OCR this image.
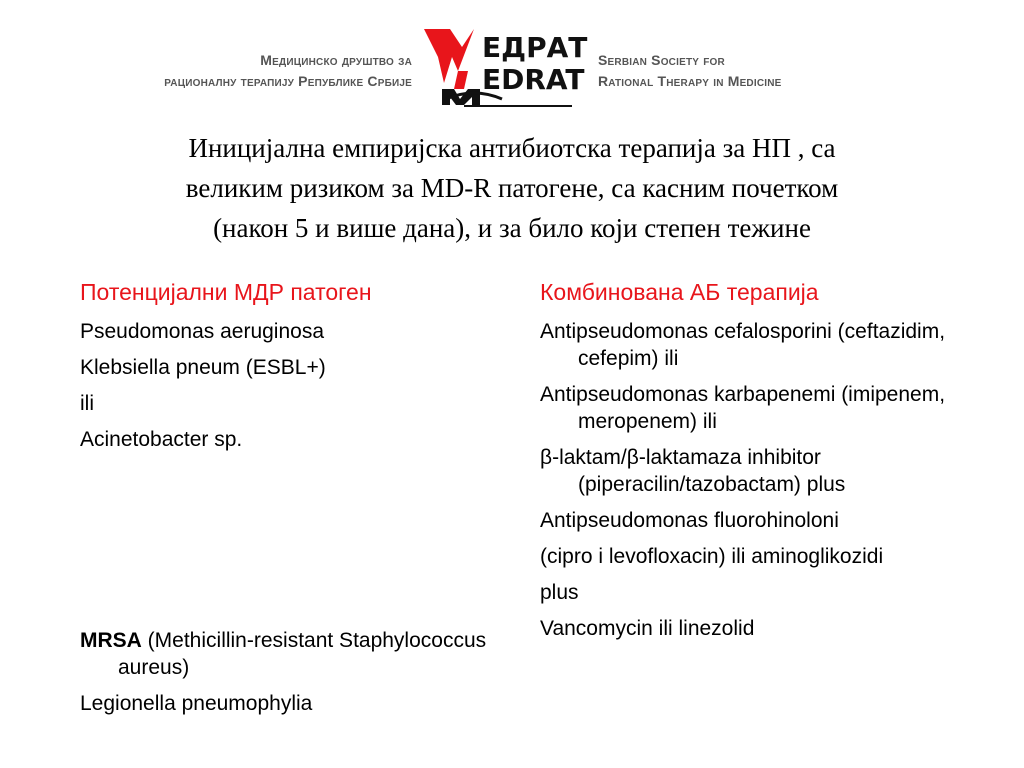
Медицинско друштво за
рационалну терапију Републике Србије
ЕДРАТ
EDRAT
Serbian Society for
Rational Therapy in Medicine
Иницијална емпиријска антибиотска терапија за НП , са
великим ризиком за MD-R патогене, са касним почетком
(након 5 и више дана), и за било који степен тежине
Потенцијални МДР патоген
Pseudomonas aeruginosa
Klebsiella pneum (ESBL+)
ili
Acinetobacter sp.
MRSA (Methicillin-resistant Staphylococcus aureus)
Legionella pneumophylia
Комбинована АБ терапија
Antipseudomonas cefalosporini (ceftazidim, cefepim) ili
Antipseudomonas karbapenemi (imipenem, meropenem) ili
β-laktam/β-laktamaza inhibitor (piperacilin/tazobactam) plus
Antipseudomonas fluorohinoloni
(cipro i levofloxacin) ili aminoglikozidi
plus
Vancomycin ili linezolid
